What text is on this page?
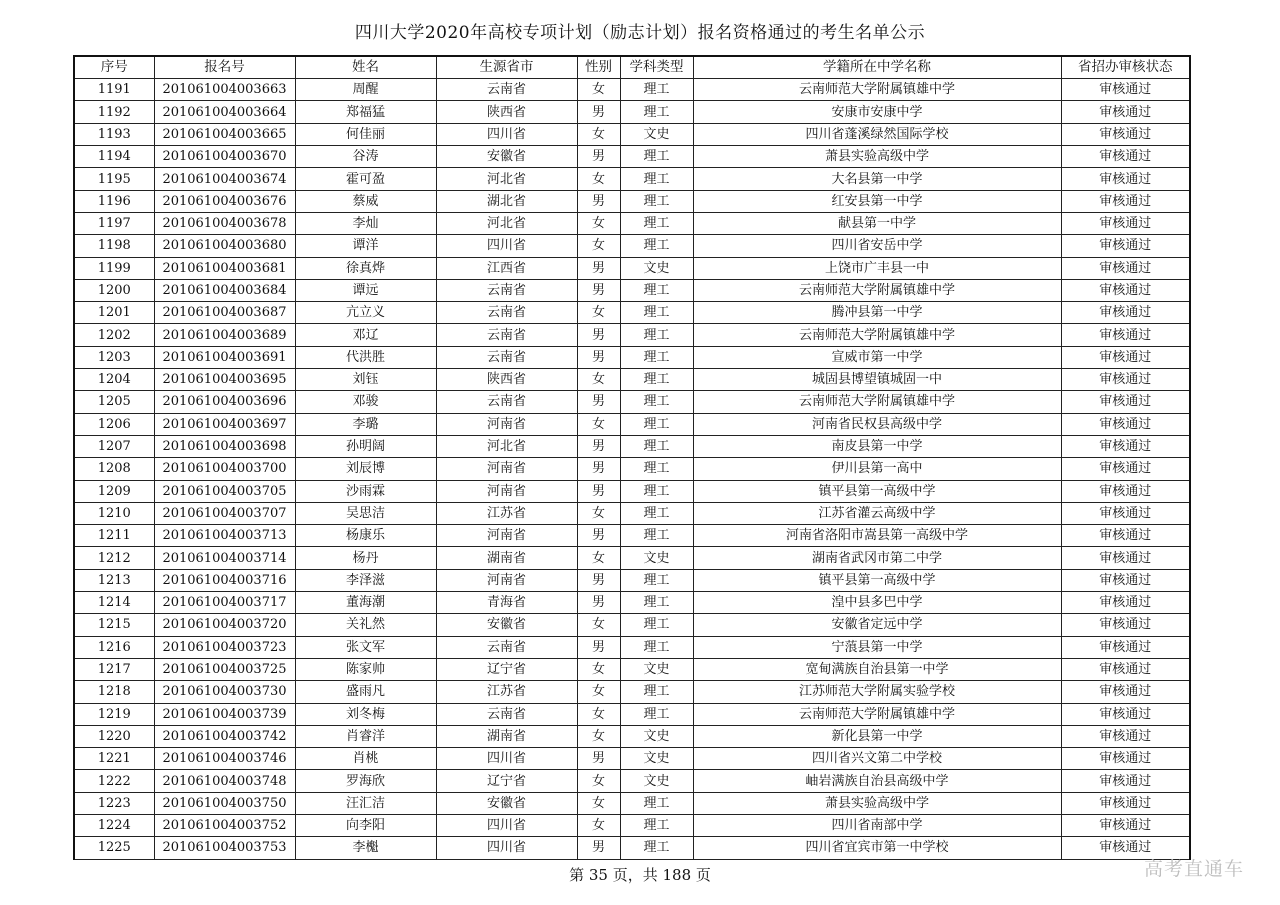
四川大学2020年高校专项计划（励志计划）报名资格通过的考生名单公示
序号	报名号	姓名	生源省市	性别	学科类型	学籍所在中学名称	省招办审核状态
1191	201061004003663	周醒	云南省	女	理工	云南师范大学附属镇雄中学	审核通过
1192	201061004003664	郑福猛	陕西省	男	理工	安康市安康中学	审核通过
1193	201061004003665	何佳丽	四川省	女	文史	四川省蓬溪绿然国际学校	审核通过
1194	201061004003670	谷涛	安徽省	男	理工	萧县实验高级中学	审核通过
1195	201061004003674	霍可盈	河北省	女	理工	大名县第一中学	审核通过
1196	201061004003676	蔡威	湖北省	男	理工	红安县第一中学	审核通过
1197	201061004003678	李灿	河北省	女	理工	献县第一中学	审核通过
1198	201061004003680	谭洋	四川省	女	理工	四川省安岳中学	审核通过
1199	201061004003681	徐真烨	江西省	男	文史	上饶市广丰县一中	审核通过
1200	201061004003684	谭远	云南省	男	理工	云南师范大学附属镇雄中学	审核通过
1201	201061004003687	亢立义	云南省	女	理工	腾冲县第一中学	审核通过
1202	201061004003689	邓辽	云南省	男	理工	云南师范大学附属镇雄中学	审核通过
1203	201061004003691	代洪胜	云南省	男	理工	宣威市第一中学	审核通过
1204	201061004003695	刘钰	陕西省	女	理工	城固县博望镇城固一中	审核通过
1205	201061004003696	邓骏	云南省	男	理工	云南师范大学附属镇雄中学	审核通过
1206	201061004003697	李璐	河南省	女	理工	河南省民权县高级中学	审核通过
1207	201061004003698	孙明阔	河北省	男	理工	南皮县第一中学	审核通过
1208	201061004003700	刘辰博	河南省	男	理工	伊川县第一高中	审核通过
1209	201061004003705	沙雨霖	河南省	男	理工	镇平县第一高级中学	审核通过
1210	201061004003707	吴思洁	江苏省	女	理工	江苏省灌云高级中学	审核通过
1211	201061004003713	杨康乐	河南省	男	理工	河南省洛阳市嵩县第一高级中学	审核通过
1212	201061004003714	杨丹	湖南省	女	文史	湖南省武冈市第二中学	审核通过
1213	201061004003716	李泽滋	河南省	男	理工	镇平县第一高级中学	审核通过
1214	201061004003717	董海潮	青海省	男	理工	湟中县多巴中学	审核通过
1215	201061004003720	关礼然	安徽省	女	理工	安徽省定远中学	审核通过
1216	201061004003723	张文军	云南省	男	理工	宁蒗县第一中学	审核通过
1217	201061004003725	陈家帅	辽宁省	女	文史	宽甸满族自治县第一中学	审核通过
1218	201061004003730	盛雨凡	江苏省	女	理工	江苏师范大学附属实验学校	审核通过
1219	201061004003739	刘冬梅	云南省	女	理工	云南师范大学附属镇雄中学	审核通过
1220	201061004003742	肖睿洋	湖南省	女	文史	新化县第一中学	审核通过
1221	201061004003746	肖桃	四川省	男	文史	四川省兴文第二中学校	审核通过
1222	201061004003748	罗海欣	辽宁省	女	文史	岫岩满族自治县高级中学	审核通过
1223	201061004003750	汪汇洁	安徽省	女	理工	萧县实验高级中学	审核通过
1224	201061004003752	向李阳	四川省	女	理工	四川省南部中学	审核通过
1225	201061004003753	李櫆	四川省	男	理工	四川省宜宾市第一中学校	审核通过
第 35 页，共 188 页	高考直通车
